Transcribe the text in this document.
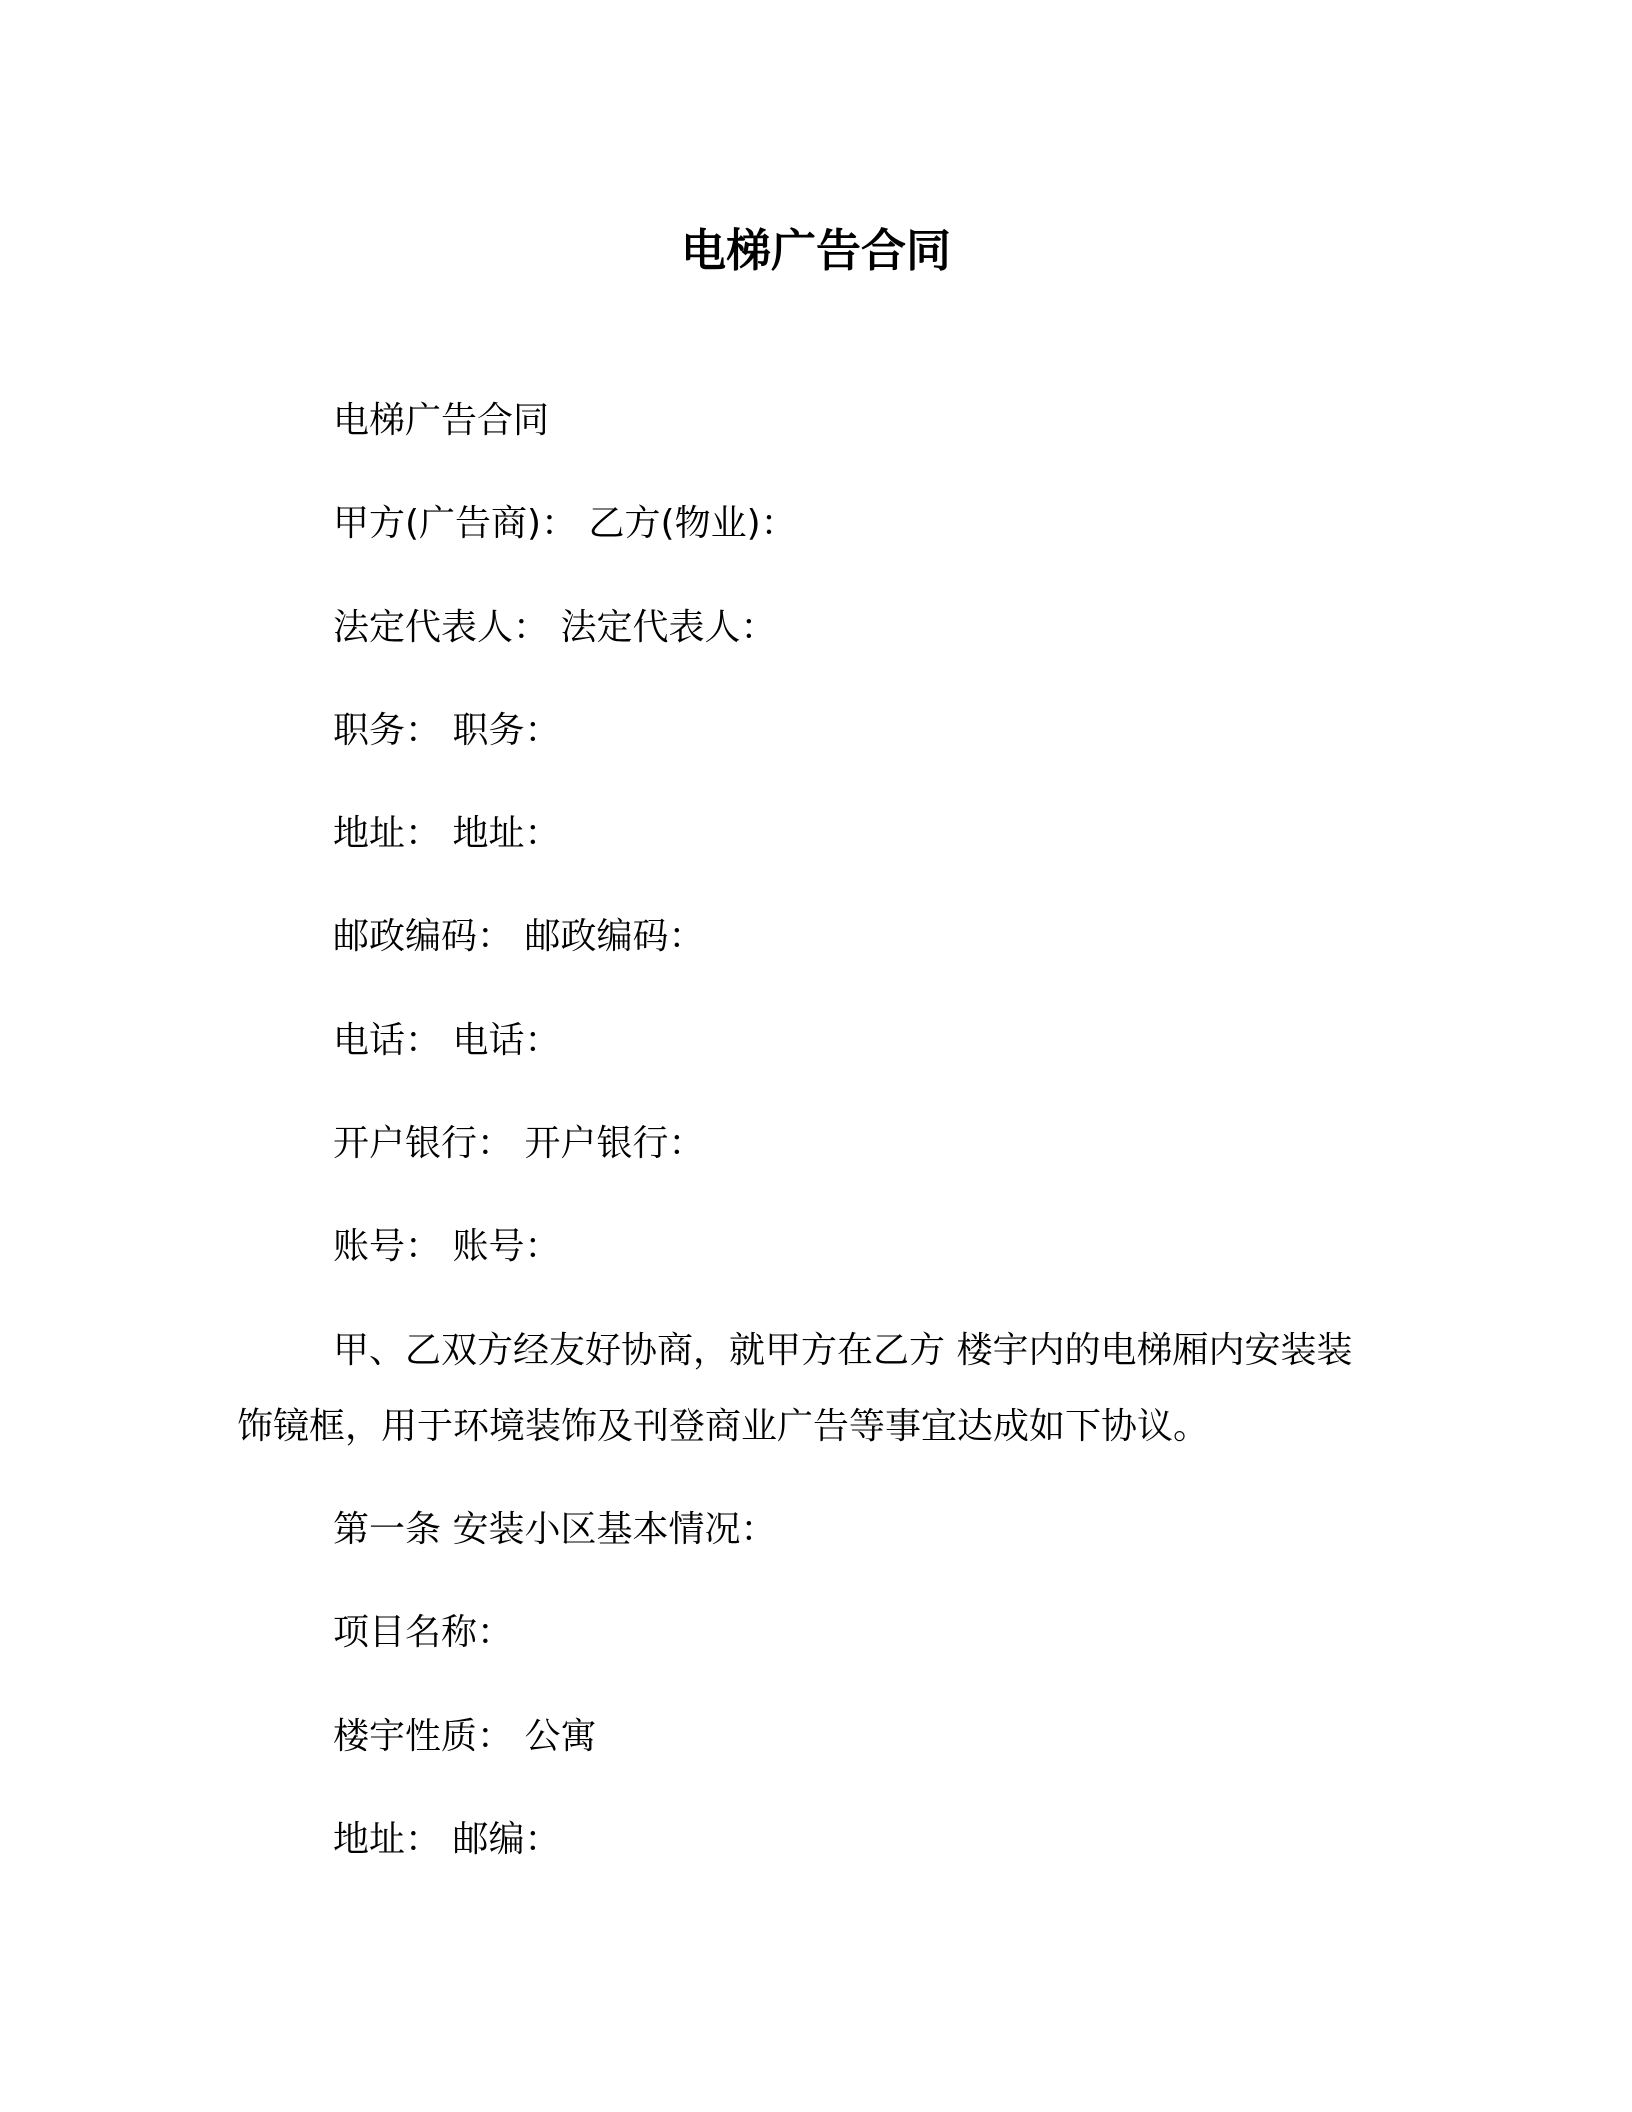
电梯广告合同

电梯广告合同

甲方(广告商)： 乙方(物业)：

法定代表人： 法定代表人：

职务： 职务：

地址： 地址：

邮政编码： 邮政编码：

电话： 电话：

开户银行： 开户银行：

账号： 账号：

甲、乙双方经友好协商，就甲方在乙方 楼宇内的电梯厢内安装装
饰镜框，用于环境装饰及刊登商业广告等事宜达成如下协议。

第一条 安装小区基本情况：

项目名称：

楼宇性质： 公寓

地址： 邮编：
